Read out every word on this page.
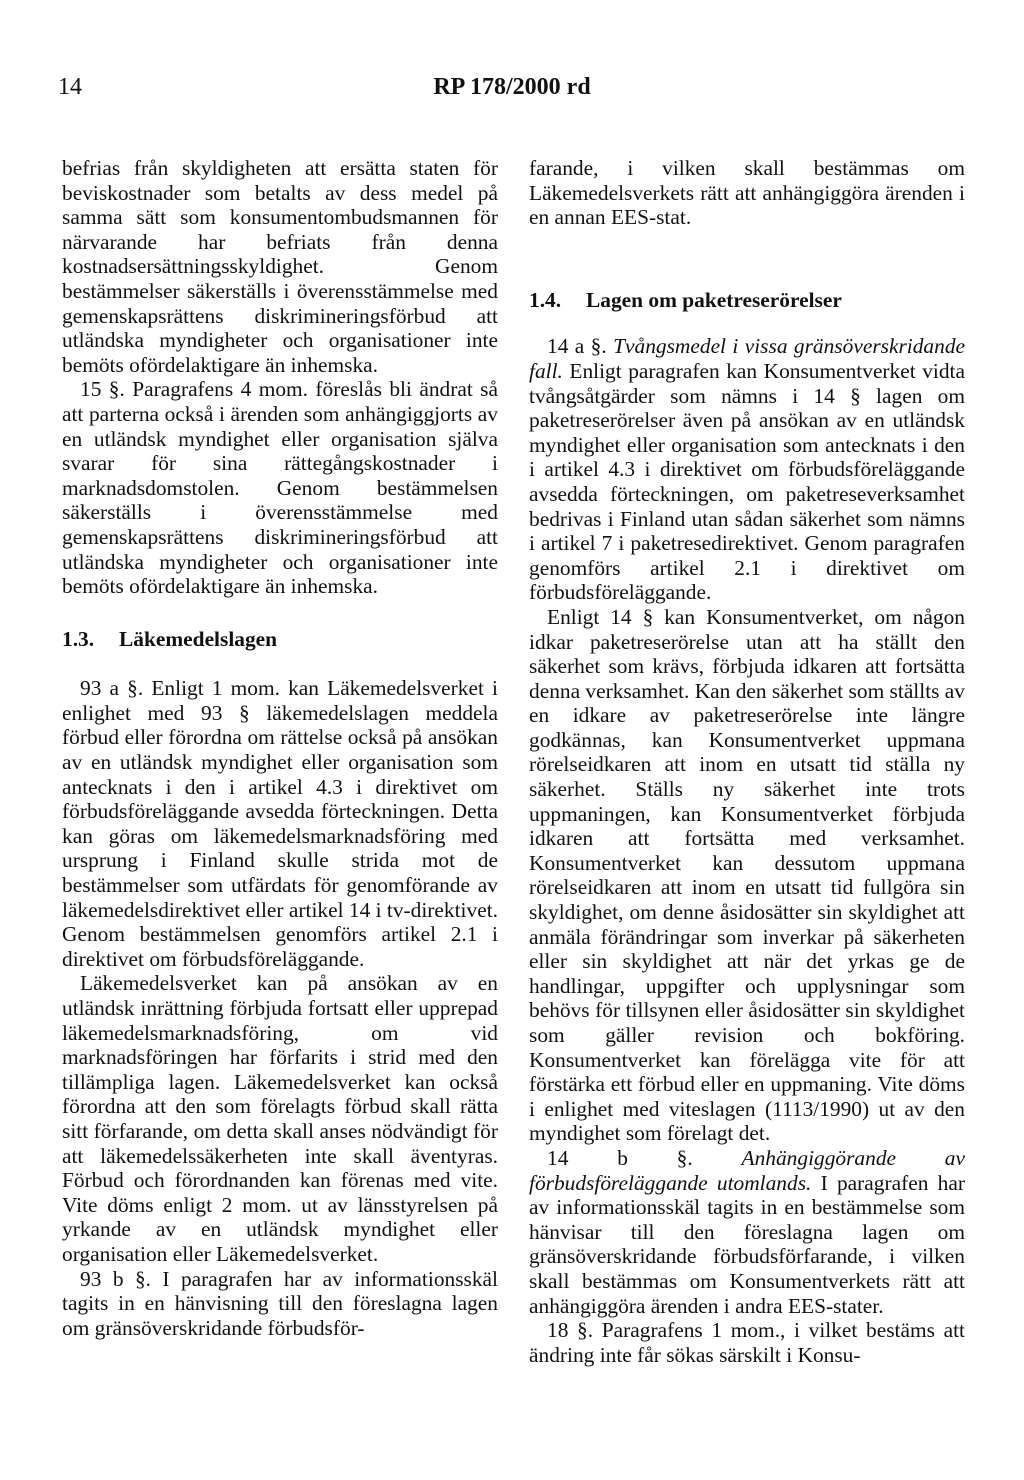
14	RP 178/2000 rd

befrias från skyldigheten att ersätta staten för beviskostnader som betalts av dess medel på samma sätt som konsumentombudsmannen för närvarande har befriats från denna kostnadsersättningsskyldighet. Genom bestämmelser säkerställs i överensstämmelse med gemenskapsrättens diskrimineringsförbud att utländska myndigheter och organisationer inte bemöts ofördelaktigare än inhemska.

15 §. Paragrafens 4 mom. föreslås bli ändrat så att parterna också i ärenden som anhängiggjorts av en utländsk myndighet eller organisation själva svarar för sina rättegångskostnader i marknadsdomstolen. Genom bestämmelsen säkerställs i överensstämmelse med gemenskapsrättens diskrimineringsförbud att utländska myndigheter och organisationer inte bemöts ofördelaktigare än inhemska.

1.3. Läkemedelslagen

93 a §. Enligt 1 mom. kan Läkemedelsverket i enlighet med 93 § läkemedelslagen meddela förbud eller förordna om rättelse också på ansökan av en utländsk myndighet eller organisation som antecknats i den i artikel 4.3 i direktivet om förbudsföreläggande avsedda förteckningen. Detta kan göras om läkemedelsmarknadsföring med ursprung i Finland skulle strida mot de bestämmelser som utfärdats för genomförande av läkemedelsdirektivet eller artikel 14 i tv-direktivet. Genom bestämmelsen genomförs artikel 2.1 i direktivet om förbudsföreläggande.

Läkemedelsverket kan på ansökan av en utländsk inrättning förbjuda fortsatt eller upprepad läkemedelsmarknadsföring, om vid marknadsföringen har förfarits i strid med den tillämpliga lagen. Läkemedelsverket kan också förordna att den som förelagts förbud skall rätta sitt förfarande, om detta skall anses nödvändigt för att läkemedelssäkerheten inte skall äventyras. Förbud och förordnanden kan förenas med vite. Vite döms enligt 2 mom. ut av länsstyrelsen på yrkande av en utländsk myndighet eller organisation eller Läkemedelsverket.

93 b §. I paragrafen har av informationsskäl tagits in en hänvisning till den föreslagna lagen om gränsöverskridande förbudsför-

farande, i vilken skall bestämmas om Läkemedelsverkets rätt att anhängiggöra ärenden i en annan EES-stat.

1.4. Lagen om paketreserörelser

14 a §. Tvångsmedel i vissa gränsöverskridande fall. Enligt paragrafen kan Konsumentverket vidta tvångsåtgärder som nämns i 14 § lagen om paketreserörelser även på ansökan av en utländsk myndighet eller organisation som antecknats i den i artikel 4.3 i direktivet om förbudsföreläggande avsedda förteckningen, om paketreseverksamhet bedrivas i Finland utan sådan säkerhet som nämns i artikel 7 i paketresedirektivet. Genom paragrafen genomförs artikel 2.1 i direktivet om förbudsföreläggande.

Enligt 14 § kan Konsumentverket, om någon idkar paketreserörelse utan att ha ställt den säkerhet som krävs, förbjuda idkaren att fortsätta denna verksamhet. Kan den säkerhet som ställts av en idkare av paketreserörelse inte längre godkännas, kan Konsumentverket uppmana rörelseidkaren att inom en utsatt tid ställa ny säkerhet. Ställs ny säkerhet inte trots uppmaningen, kan Konsumentverket förbjuda idkaren att fortsätta med verksamhet. Konsumentverket kan dessutom uppmana rörelseidkaren att inom en utsatt tid fullgöra sin skyldighet, om denne åsidosätter sin skyldighet att anmäla förändringar som inverkar på säkerheten eller sin skyldighet att när det yrkas ge de handlingar, uppgifter och upplysningar som behövs för tillsynen eller åsidosätter sin skyldighet som gäller revision och bokföring. Konsumentverket kan förelägga vite för att förstärka ett förbud eller en uppmaning. Vite döms i enlighet med viteslagen (1113/1990) ut av den myndighet som förelagt det.

14 b §. Anhängiggörande av förbudsföreläggande utomlands. I paragrafen har av informationsskäl tagits in en bestämmelse som hänvisar till den föreslagna lagen om gränsöverskridande förbudsförfarande, i vilken skall bestämmas om Konsumentverkets rätt att anhängiggöra ärenden i andra EES-stater.

18 §. Paragrafens 1 mom., i vilket bestäms att ändring inte får sökas särskilt i Konsu-
